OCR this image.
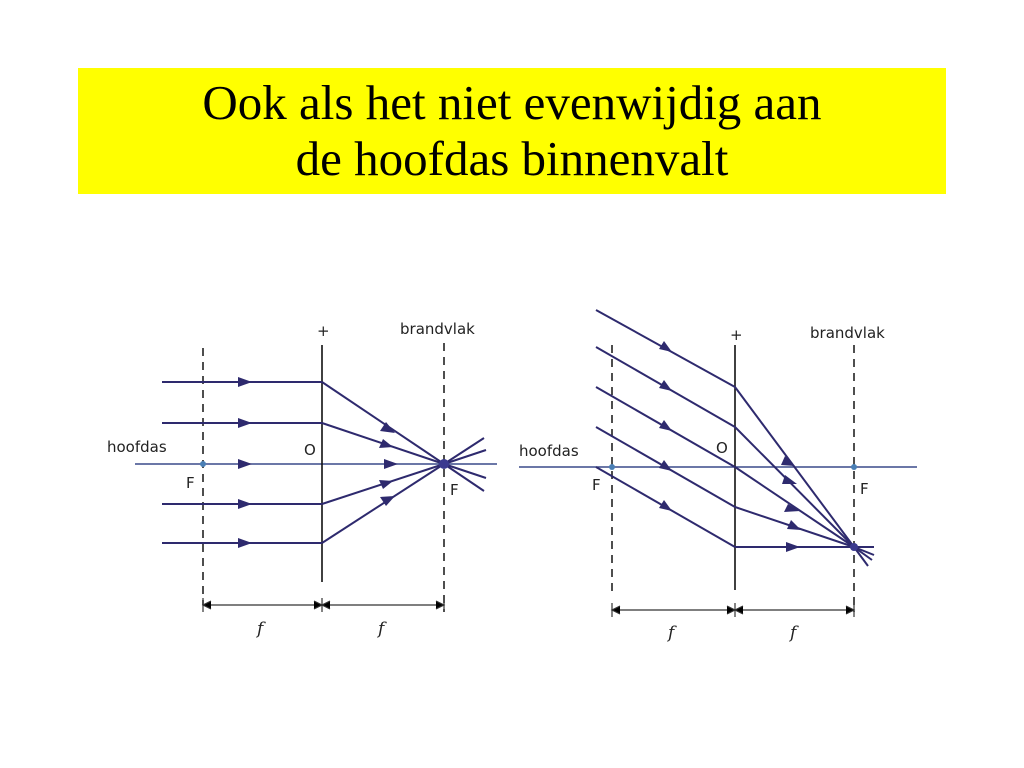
Ook als het niet evenwijdig aan
de hoofdas binnenvalt
+	brandvlak
hoofdas	O
F	F
f	f
+	brandvlak
hoofdas	O
F	F
f	f
